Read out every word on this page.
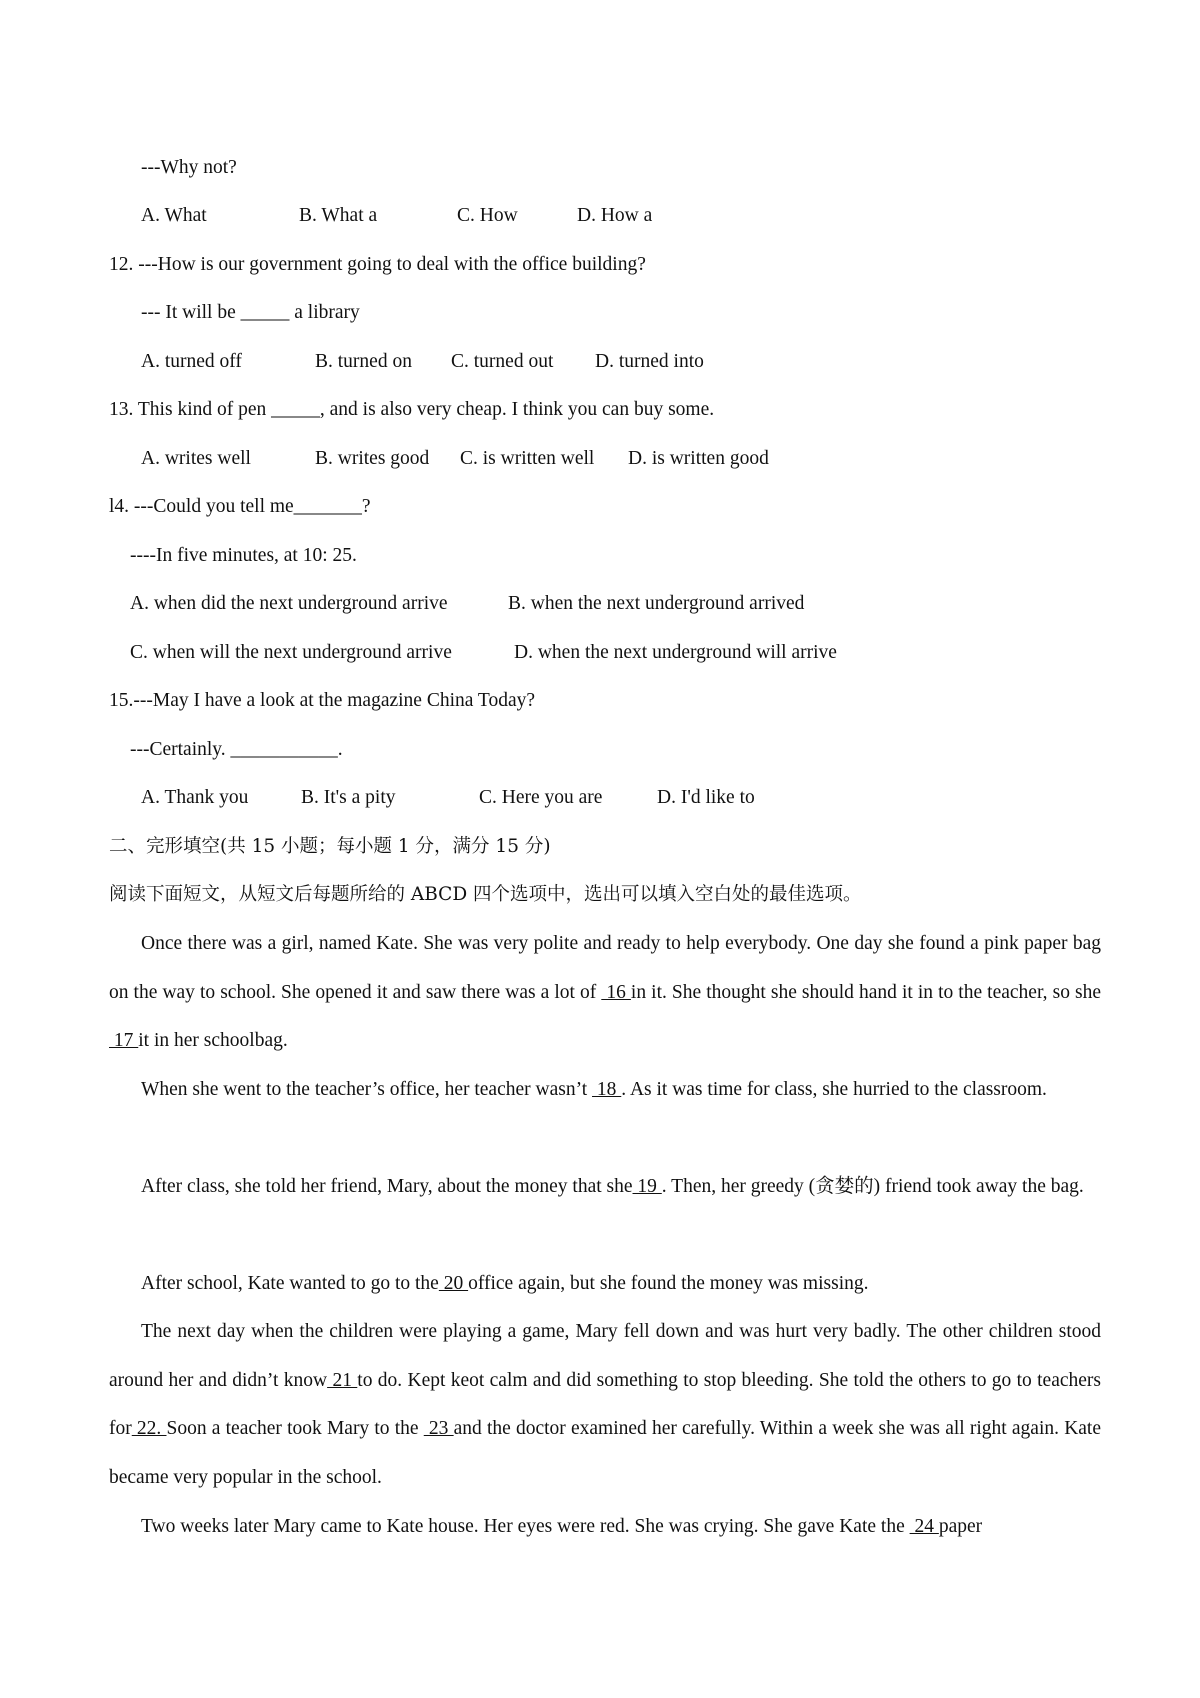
---Why not?
A. What	B. What a	C. How	D. How a
12. ---How is our government going to deal with the office building?
--- It will be _____ a library
A. turned off	B. turned on C. turned out D. turned into
13. This kind of pen _____, and is also very cheap. I think you can buy some.
A. writes well	B. writes good C. is written well D. is written good
l4. ---Could you tell me_______?
----In five minutes, at 10: 25.
A. when did the next underground arrive	B. when the next underground arrived
C. when will the next underground arrive	D. when the next underground will arrive
15.---May I have a look at the magazine China Today?
---Certainly. ___________.
A. Thank you	B. It's a pity	C. Here you are	D. I'd like to
二、完形填空(共 15 小题；每小题 1 分，满分 15 分)
阅读下面短文，从短文后每题所给的 ABCD 四个选项中，选出可以填入空白处的最佳选项。
Once there was a girl, named Kate. She was very polite and ready to help everybody. One day she found a pink paper bag on the way to school. She opened it and saw there was a lot of  16 in it. She thought she should hand it in to the teacher, so she  17 it in her schoolbag.
When she went to the teacher’s office, her teacher wasn’t  18 . As it was time for class, she hurried to the classroom.
After class, she told her friend, Mary, about the money that she 19 . Then, her greedy (贪婪的) friend took away the bag.
After school, Kate wanted to go to the 20 office again, but she found the money was missing.
The next day when the children were playing a game, Mary fell down and was hurt very badly. The other children stood around her and didn’t know 21 to do. Kept keot calm and did something to stop bleeding. She told the others to go to teachers for 22. Soon a teacher took Mary to the  23 and the doctor examined her carefully. Within a week she was all right again. Kate became very popular in the school.
Two weeks later Mary came to Kate house. Her eyes were red. She was crying. She gave Kate the  24 paper
